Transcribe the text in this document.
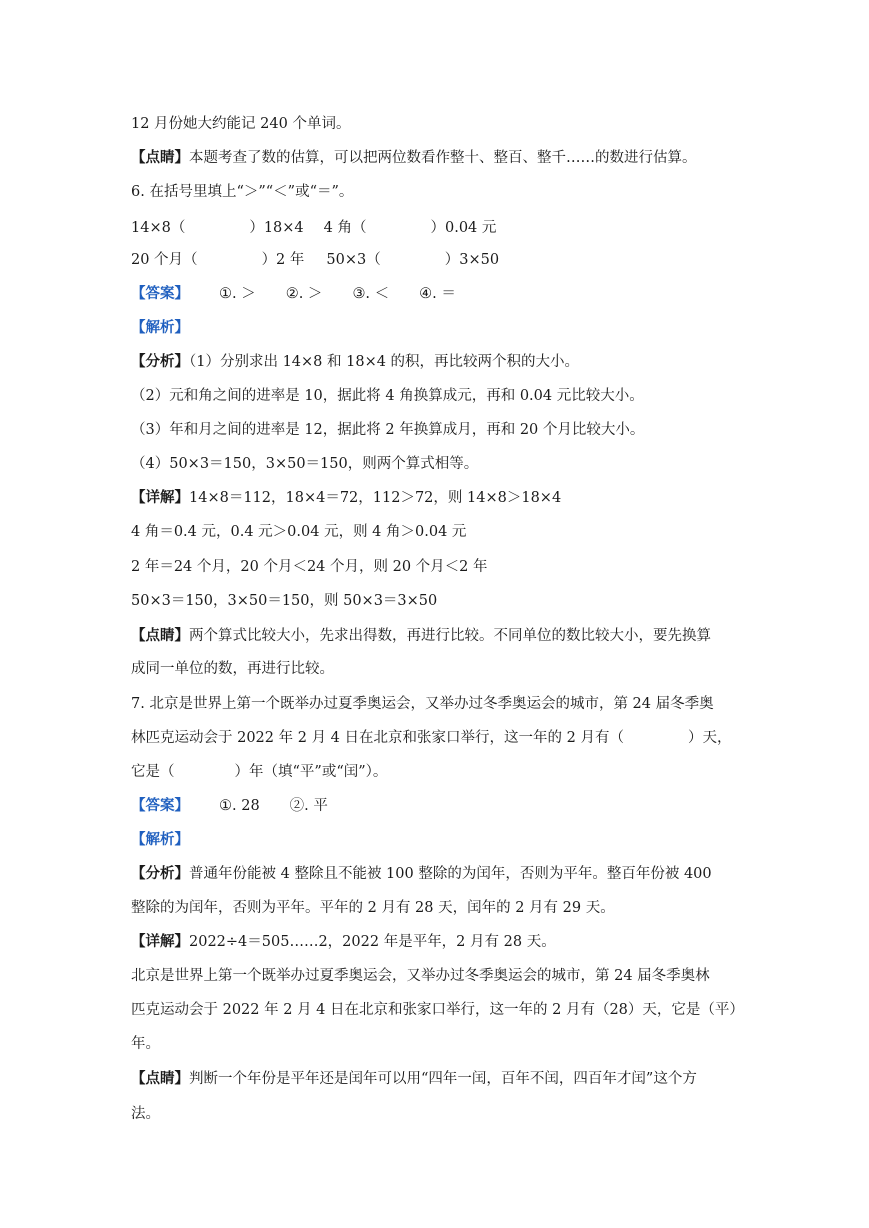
12 月份她大约能记 240 个单词。
【点睛】本题考查了数的估算，可以把两位数看作整十、整百、整千……的数进行估算。
6. 在括号里填上“＞”“＜”或“＝”。
14×8（	）18×4 4 角（	）0.04 元
20 个月（	）2 年 50×3（	）3×50
【答案】 ①. ＞ ②. ＞ ③. ＜ ④. ＝
【解析】
【分析】（1）分别求出 14×8 和 18×4 的积，再比较两个积的大小。
（2）元和角之间的进率是 10，据此将 4 角换算成元，再和 0.04 元比较大小。
（3）年和月之间的进率是 12，据此将 2 年换算成月，再和 20 个月比较大小。
（4）50×3＝150，3×50＝150，则两个算式相等。
【详解】14×8＝112，18×4＝72，112＞72，则 14×8＞18×4
4 角＝0.4 元，0.4 元＞0.04 元，则 4 角＞0.04 元
2 年＝24 个月，20 个月＜24 个月，则 20 个月＜2 年
50×3＝150，3×50＝150，则 50×3＝3×50
【点睛】两个算式比较大小，先求出得数，再进行比较。不同单位的数比较大小，要先换算
成同一单位的数，再进行比较。
7. 北京是世界上第一个既举办过夏季奥运会，又举办过冬季奥运会的城市，第 24 届冬季奥
林匹克运动会于 2022 年 2 月 4 日在北京和张家口举行，这一年的 2 月有（	）天，
它是（	）年（填“平”或“闰”）。
【答案】 ①. 28 ②. 平
【解析】
【分析】普通年份能被 4 整除且不能被 100 整除的为闰年，否则为平年。整百年份被 400
整除的为闰年，否则为平年。平年的 2 月有 28 天，闰年的 2 月有 29 天。
【详解】2022÷4＝505……2，2022 年是平年，2 月有 28 天。
北京是世界上第一个既举办过夏季奥运会，又举办过冬季奥运会的城市，第 24 届冬季奥林
匹克运动会于 2022 年 2 月 4 日在北京和张家口举行，这一年的 2 月有（28）天，它是（平）
年。
【点睛】判断一个年份是平年还是闰年可以用“四年一闰，百年不闰，四百年才闰”这个方
法。
